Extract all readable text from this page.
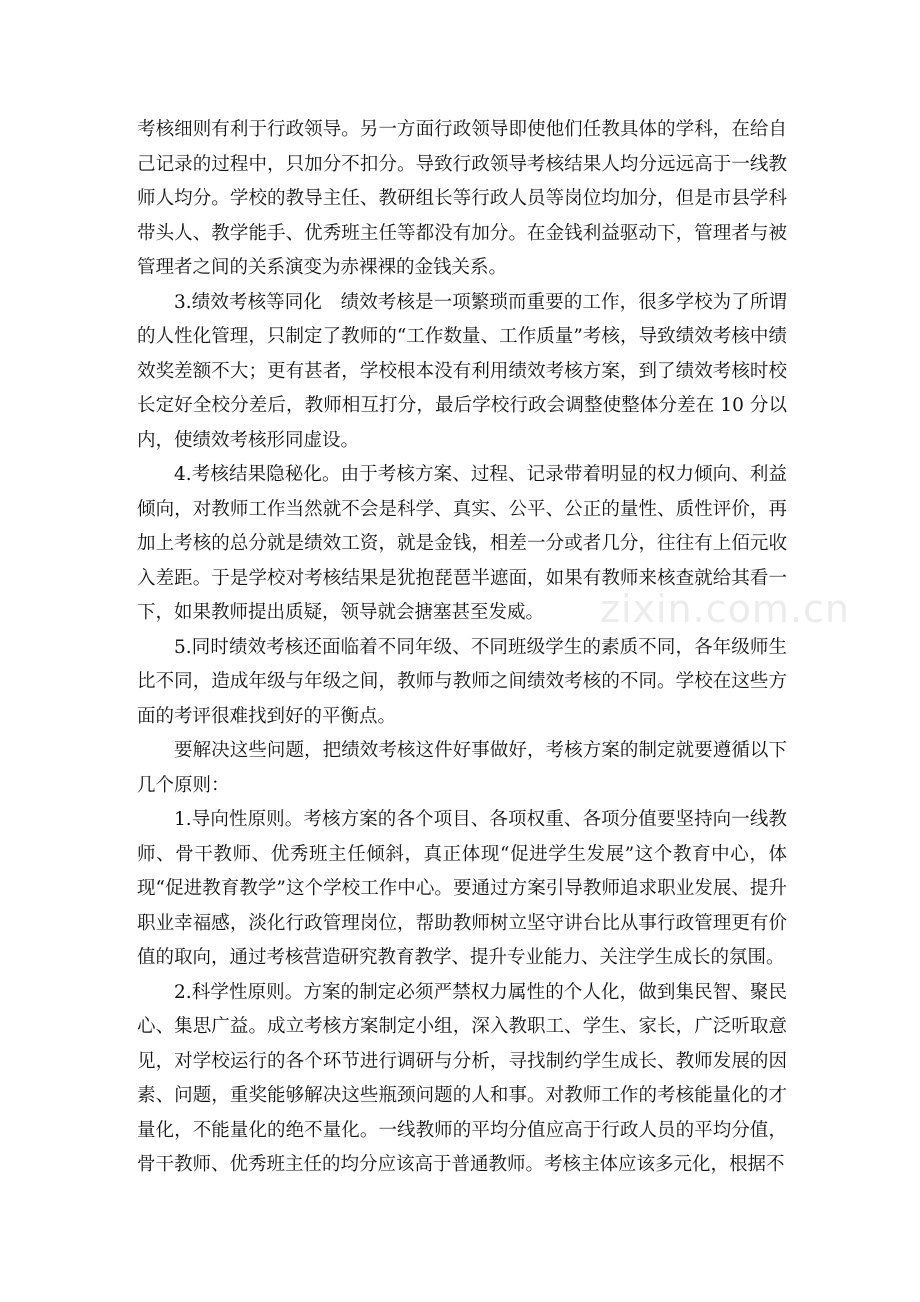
考核细则有利于行政领导。另一方面行政领导即使他们任教具体的学科，在给自己记录的过程中，只加分不扣分。导致行政领导考核结果人均分远远高于一线教师人均分。学校的教导主任、教研组长等行政人员等岗位均加分，但是市县学科带头人、教学能手、优秀班主任等都没有加分。在金钱利益驱动下，管理者与被管理者之间的关系演变为赤裸裸的金钱关系。

3.绩效考核等同化　绩效考核是一项繁琐而重要的工作，很多学校为了所谓的人性化管理，只制定了教师的“工作数量、工作质量”考核，导致绩效考核中绩效奖差额不大；更有甚者，学校根本没有利用绩效考核方案，到了绩效考核时校长定好全校分差后，教师相互打分，最后学校行政会调整使整体分差在 10 分以内，使绩效考核形同虚设。

4.考核结果隐秘化。由于考核方案、过程、记录带着明显的权力倾向、利益倾向，对教师工作当然就不会是科学、真实、公平、公正的量性、质性评价，再加上考核的总分就是绩效工资，就是金钱，相差一分或者几分，往往有上佰元收入差距。于是学校对考核结果是犹抱琵琶半遮面，如果有教师来核查就给其看一下，如果教师提出质疑，领导就会搪塞甚至发威。

5.同时绩效考核还面临着不同年级、不同班级学生的素质不同，各年级师生比不同，造成年级与年级之间，教师与教师之间绩效考核的不同。学校在这些方面的考评很难找到好的平衡点。

要解决这些问题，把绩效考核这件好事做好，考核方案的制定就要遵循以下几个原则：

1.导向性原则。考核方案的各个项目、各项权重、各项分值要坚持向一线教师、骨干教师、优秀班主任倾斜，真正体现“促进学生发展”这个教育中心，体现“促进教育教学”这个学校工作中心。要通过方案引导教师追求职业发展、提升职业幸福感，淡化行政管理岗位，帮助教师树立坚守讲台比从事行政管理更有价值的取向，通过考核营造研究教育教学、提升专业能力、关注学生成长的氛围。

2.科学性原则。方案的制定必须严禁权力属性的个人化，做到集民智、聚民心、集思广益。成立考核方案制定小组，深入教职工、学生、家长，广泛听取意见，对学校运行的各个环节进行调研与分析，寻找制约学生成长、教师发展的因素、问题，重奖能够解决这些瓶颈问题的人和事。对教师工作的考核能量化的才量化，不能量化的绝不量化。一线教师的平均分值应高于行政人员的平均分值，骨干教师、优秀班主任的均分应该高于普通教师。考核主体应该多元化，根据不

zixin.com.cn
